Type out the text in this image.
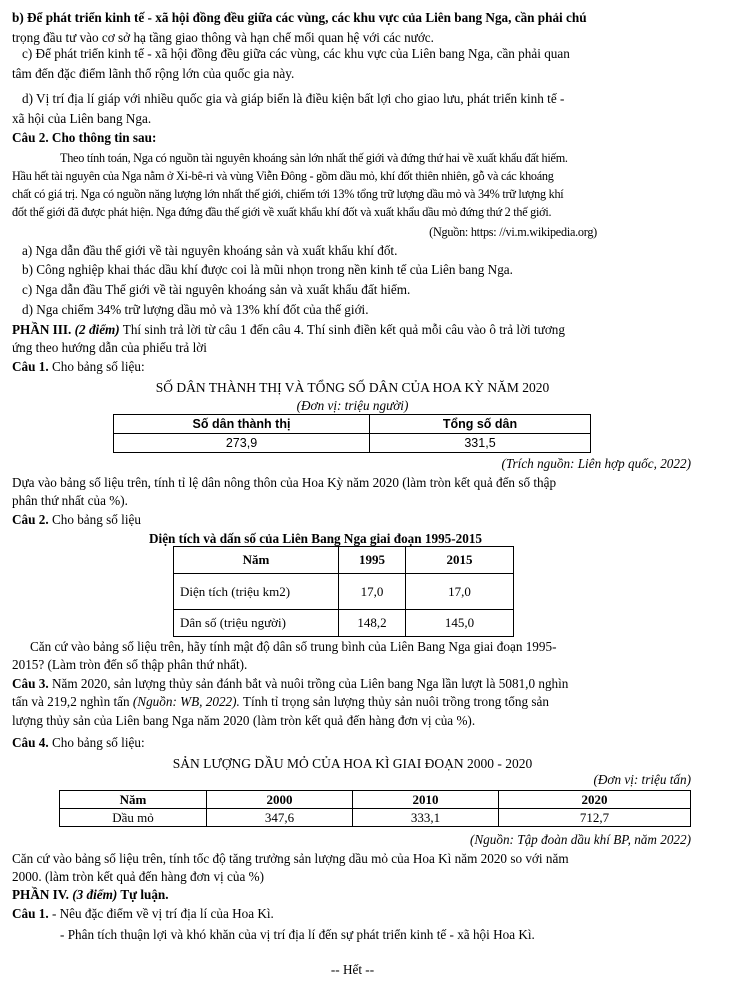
b) Để phát triển kinh tế - xã hội đồng đều giữa các vùng, các khu vực của Liên bang Nga, cần phải chú
trọng đầu tư vào cơ sở hạ tầng giao thông và hạn chế mối quan hệ với các nước.
c) Để phát triển kinh tế - xã hội đồng đều giữa các vùng, các khu vực của Liên bang Nga, cần phải quan
tâm đến đặc điểm lãnh thổ rộng lớn của quốc gia này.
d) Vị trí địa lí giáp với nhiều quốc gia và giáp biển là điều kiện bất lợi cho giao lưu, phát triển kinh tế -
xã hội của Liên bang Nga.
Câu 2. Cho thông tin sau:
Theo tính toán, Nga có nguồn tài nguyên khoáng sản lớn nhất thế giới và đứng thứ hai về xuất khẩu đất hiếm.
Hầu hết tài nguyên của Nga nằm ở Xi-bê-ri và vùng Viễn Đông - gồm dầu mỏ, khí đốt thiên nhiên, gỗ và các khoáng
chất có giá trị. Nga có nguồn năng lượng lớn nhất thế giới, chiếm tới 13% tổng trữ lượng dầu mỏ và 34% trữ lượng khí
đốt thế giới đã được phát hiện. Nga đứng đầu thế giới về xuất khẩu khí đốt và xuất khẩu dầu mỏ đứng thứ 2 thế giới.
(Nguồn: https: //vi.m.wikipedia.org)
a) Nga dẫn đầu thế giới về tài nguyên khoáng sản và xuất khẩu khí đốt.
b) Công nghiệp khai thác dầu khí được coi là mũi nhọn trong nền kinh tế của Liên bang Nga.
c) Nga dẫn đầu Thế giới về tài nguyên khoáng sản và xuất khẩu đất hiếm.
d) Nga chiếm 34% trữ lượng dầu mỏ và 13% khí đốt của thế giới.
PHẦN III. (2 điểm) Thí sinh trả lời từ câu 1 đến câu 4. Thí sinh điền kết quả mỗi câu vào ô trả lời tương
ứng theo hướng dẫn của phiếu trả lời
Câu 1. Cho bảng số liệu:
SỐ DÂN THÀNH THỊ VÀ TỔNG SỐ DÂN CỦA HOA KỲ NĂM 2020
(Đơn vị: triệu người)
Số dân thành thị	Tổng số dân
273,9	331,5
(Trích nguồn: Liên hợp quốc, 2022)
Dựa vào bảng số liệu trên, tính tỉ lệ dân nông thôn của Hoa Kỳ năm 2020 (làm tròn kết quả đến số thập
phân thứ nhất của %).
Câu 2. Cho bảng số liệu
Diện tích và dấn số của Liên Bang Nga giai đoạn 1995-2015
Năm	1995	2015
Diện tích (triệu km2)	17,0	17,0
Dân số (triệu người)	148,2	145,0
Căn cứ vào bảng số liệu trên, hãy tính mật độ dân số trung bình của Liên Bang Nga giai đoạn 1995-
2015? (Làm tròn đến số thập phân thứ nhất).
Câu 3. Năm 2020, sản lượng thủy sản đánh bắt và nuôi trồng của Liên bang Nga lần lượt là 5081,0 nghìn
tấn và 219,2 nghìn tấn (Nguồn: WB, 2022). Tính tỉ trọng sản lượng thủy sản nuôi trồng trong tổng sản
lượng thủy sản của Liên bang Nga năm 2020 (làm tròn kết quả đến hàng đơn vị của %).
Câu 4. Cho bảng số liệu:
SẢN LƯỢNG DẦU MỎ CỦA HOA KÌ GIAI ĐOẠN 2000 - 2020
(Đơn vị: triệu tấn)
Năm	2000	2010	2020
Dầu mỏ	347,6	333,1	712,7
(Nguồn: Tập đoàn dầu khí BP, năm 2022)
Căn cứ vào bảng số liệu trên, tính tốc độ tăng trưởng sản lượng dầu mỏ của Hoa Kì năm 2020 so với năm
2000. (làm tròn kết quả đến hàng đơn vị của %)
PHẦN IV. (3 điểm) Tự luận.
Câu 1. - Nêu đặc điểm về vị trí địa lí của Hoa Kì.
- Phân tích thuận lợi và khó khăn của vị trí địa lí đến sự phát triển kinh tế - xã hội Hoa Kì.
-- Hết --
